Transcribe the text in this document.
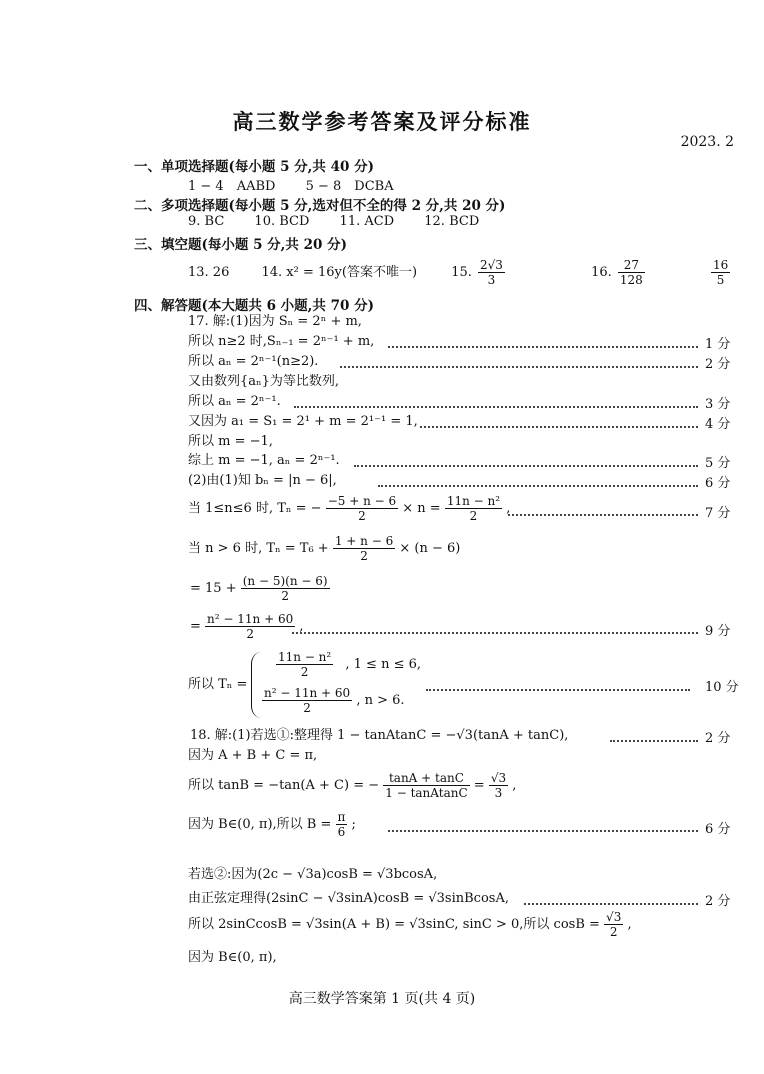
高三数学参考答案及评分标准
2023. 2
一、单项选择题(每小题 5 分,共 40 分)
1 − 4　AABD 5 − 8　DCBA
二、多项选择题(每小题 5 分,选对但不全的得 2 分,共 20 分)
9. BC 10. BCD 11. ACD 12. BCD
三、填空题(每小题 5 分,共 20 分)
13. 26 14. x² = 16y(答案不唯一)	15. $\frac{2√3}{3}$	16. $\frac{27}{128}$
	$\frac{16}{5}$
四、解答题(本大题共 6 小题,共 70 分)
17. 解:(1)因为 Sₙ = 2ⁿ + m,
所以 n≥2 时,Sₙ₋₁ = 2ⁿ⁻¹ + m,	1 分
所以 aₙ = 2ⁿ⁻¹(n≥2).	2 分
又由数列{aₙ}为等比数列,
所以 aₙ = 2ⁿ⁻¹.	3 分
又因为 a₁ = S₁ = 2¹ + m = 2¹⁻¹ = 1,	4 分
所以 m = −1,
综上 m = −1, aₙ = 2ⁿ⁻¹.	5 分
(2)由(1)知 bₙ = |n − 6|,	6 分
当 1≤n≤6 时, Tₙ = − $\frac{-5 + n - 6}{2} \times n = \frac{\text{11n − n²}}{2}$ ,	7 分
当 n > 6 时, $T_n = T_6 + \frac{1 + n - 6}{2} \times (n - 6)$
= $15 + \frac{(n - 5)(n - 6)}{2}$
= $\frac{\text{n² − 11n + 60}}{2}$ ,	9 分
所以 Tₙ =
$\frac{\text{11n − n²}}{2}$ , 1 ≤ n ≤ 6,
$\frac{\text{n² − 11n + 60}}{2}$ , n > 6.
10 分
18. 解:(1)若选①:整理得 1 − tanAtanC = −√3(tanA + tanC),	2 分
因为 A + B + C = π,
所以 tanB = −tan(A + C) = − $\frac{\tan A + \tan C}{\text{1 − tanAtanC}} = \frac{√3}{3}$ ,
因为 B∈(0, π),所以 $B = \frac{\pi}{6}$ ;	6 分
若选②:因为(2c − √3a)cosB = √3bcosA,
由正弦定理得(2sinC − √3sinA)cosB = √3sinBcosA,	2 分
所以 2sinCcosB = √3sin(A + B) = √3sinC, sinC > 0,所以 $\cos B = \frac{√3}{2}$ ,
因为 B∈(0, π),
高三数学答案第 1 页(共 4 页)
